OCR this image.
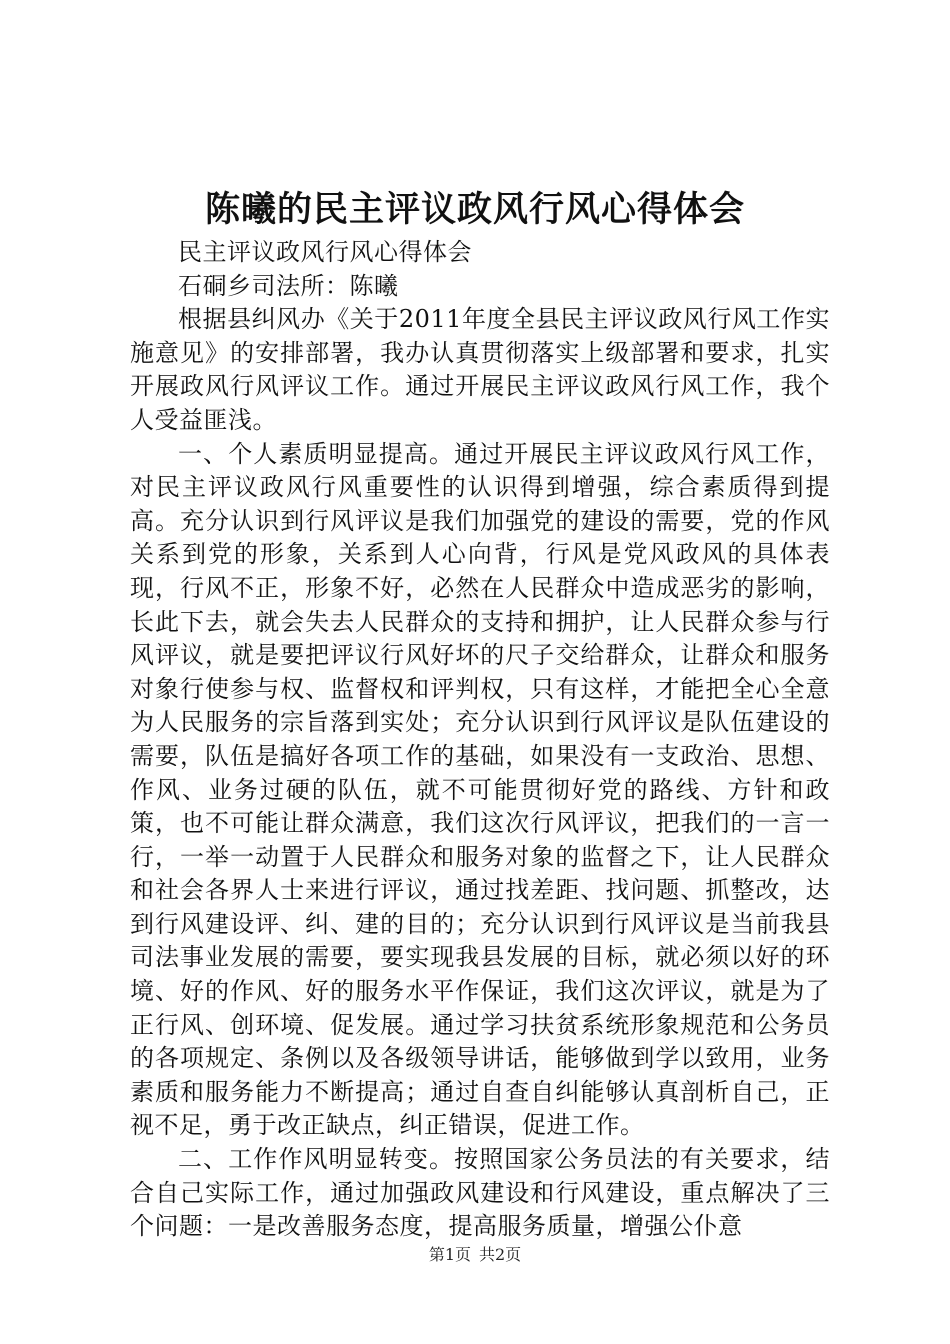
陈曦的民主评议政风行风心得体会

民主评议政风行风心得体会

石硐乡司法所：陈曦

根据县纠风办《关于2011年度全县民主评议政风行风工作实施意见》的安排部署，我办认真贯彻落实上级部署和要求，扎实开展政风行风评议工作。通过开展民主评议政风行风工作，我个人受益匪浅。

一、个人素质明显提高。通过开展民主评议政风行风工作，对民主评议政风行风重要性的认识得到增强，综合素质得到提高。充分认识到行风评议是我们加强党的建设的需要，党的作风关系到党的形象，关系到人心向背，行风是党风政风的具体表现，行风不正，形象不好，必然在人民群众中造成恶劣的影响，长此下去，就会失去人民群众的支持和拥护，让人民群众参与行风评议，就是要把评议行风好坏的尺子交给群众，让群众和服务对象行使参与权、监督权和评判权，只有这样，才能把全心全意为人民服务的宗旨落到实处；充分认识到行风评议是队伍建设的需要，队伍是搞好各项工作的基础，如果没有一支政治、思想、作风、业务过硬的队伍，就不可能贯彻好党的路线、方针和政策，也不可能让群众满意，我们这次行风评议，把我们的一言一行，一举一动置于人民群众和服务对象的监督之下，让人民群众和社会各界人士来进行评议，通过找差距、找问题、抓整改，达到行风建设评、纠、建的目的；充分认识到行风评议是当前我县司法事业发展的需要，要实现我县发展的目标，就必须以好的环境、好的作风、好的服务水平作保证，我们这次评议，就是为了正行风、创环境、促发展。通过学习扶贫系统形象规范和公务员的各项规定、条例以及各级领导讲话，能够做到学以致用，业务素质和服务能力不断提高；通过自查自纠能够认真剖析自己，正视不足，勇于改正缺点，纠正错误，促进工作。

二、工作作风明显转变。按照国家公务员法的有关要求，结合自己实际工作，通过加强政风建设和行风建设，重点解决了三个问题：一是改善服务态度，提高服务质量，增强公仆意

第1页 共2页
